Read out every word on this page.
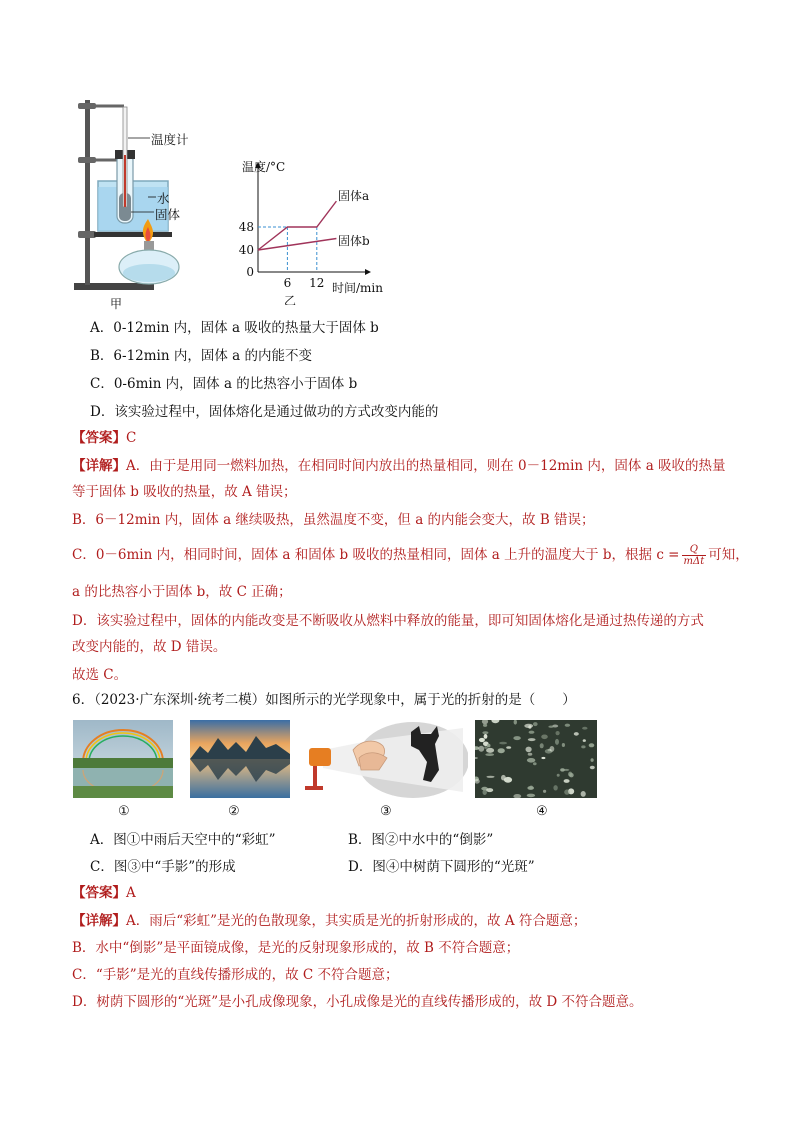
温度计
水
固体
甲
温度/°C
时间/min
48
40
0
6 12
固体a
固体b
乙
A．0-12min 内，固体 a 吸收的热量大于固体 b
B．6-12min 内，固体 a 的内能不变
C．0-6min 内，固体 a 的比热容小于固体 b
D．该实验过程中，固体熔化是通过做功的方式改变内能的
【答案】C
【详解】A．由于是用同一燃料加热，在相同时间内放出的热量相同，则在 0－12min 内，固体 a 吸收的热量
等于固体 b 吸收的热量，故 A 错误；
B．6－12min 内，固体 a 继续吸热，虽然温度不变，但 a 的内能会变大，故 B 错误；
C．0－6min 内，相同时间，固体 a 和固体 b 吸收的热量相同，固体 a 上升的温度大于 b，根据 $c = \frac{Q}{\text{mΔt}}$ 可知，
a 的比热容小于固体 b，故 C 正确；
D．该实验过程中，固体的内能改变是不断吸收从燃料中释放的能量，即可知固体熔化是通过热传递的方式
改变内能的，故 D 错误。
故选 C。
6．（2023·广东深圳·统考二模）如图所示的光学现象中，属于光的折射的是（　　）
①	②	③	④
A．图①中雨后天空中的“彩虹”	B．图②中水中的“倒影”
C．图③中“手影”的形成	D．图④中树荫下圆形的“光斑”
【答案】A
【详解】A．雨后“彩虹”是光的色散现象，其实质是光的折射形成的，故 A 符合题意；
B．水中“倒影”是平面镜成像，是光的反射现象形成的，故 B 不符合题意；
C．“手影”是光的直线传播形成的，故 C 不符合题意；
D．树荫下圆形的“光斑”是小孔成像现象，小孔成像是光的直线传播形成的，故 D 不符合题意。
